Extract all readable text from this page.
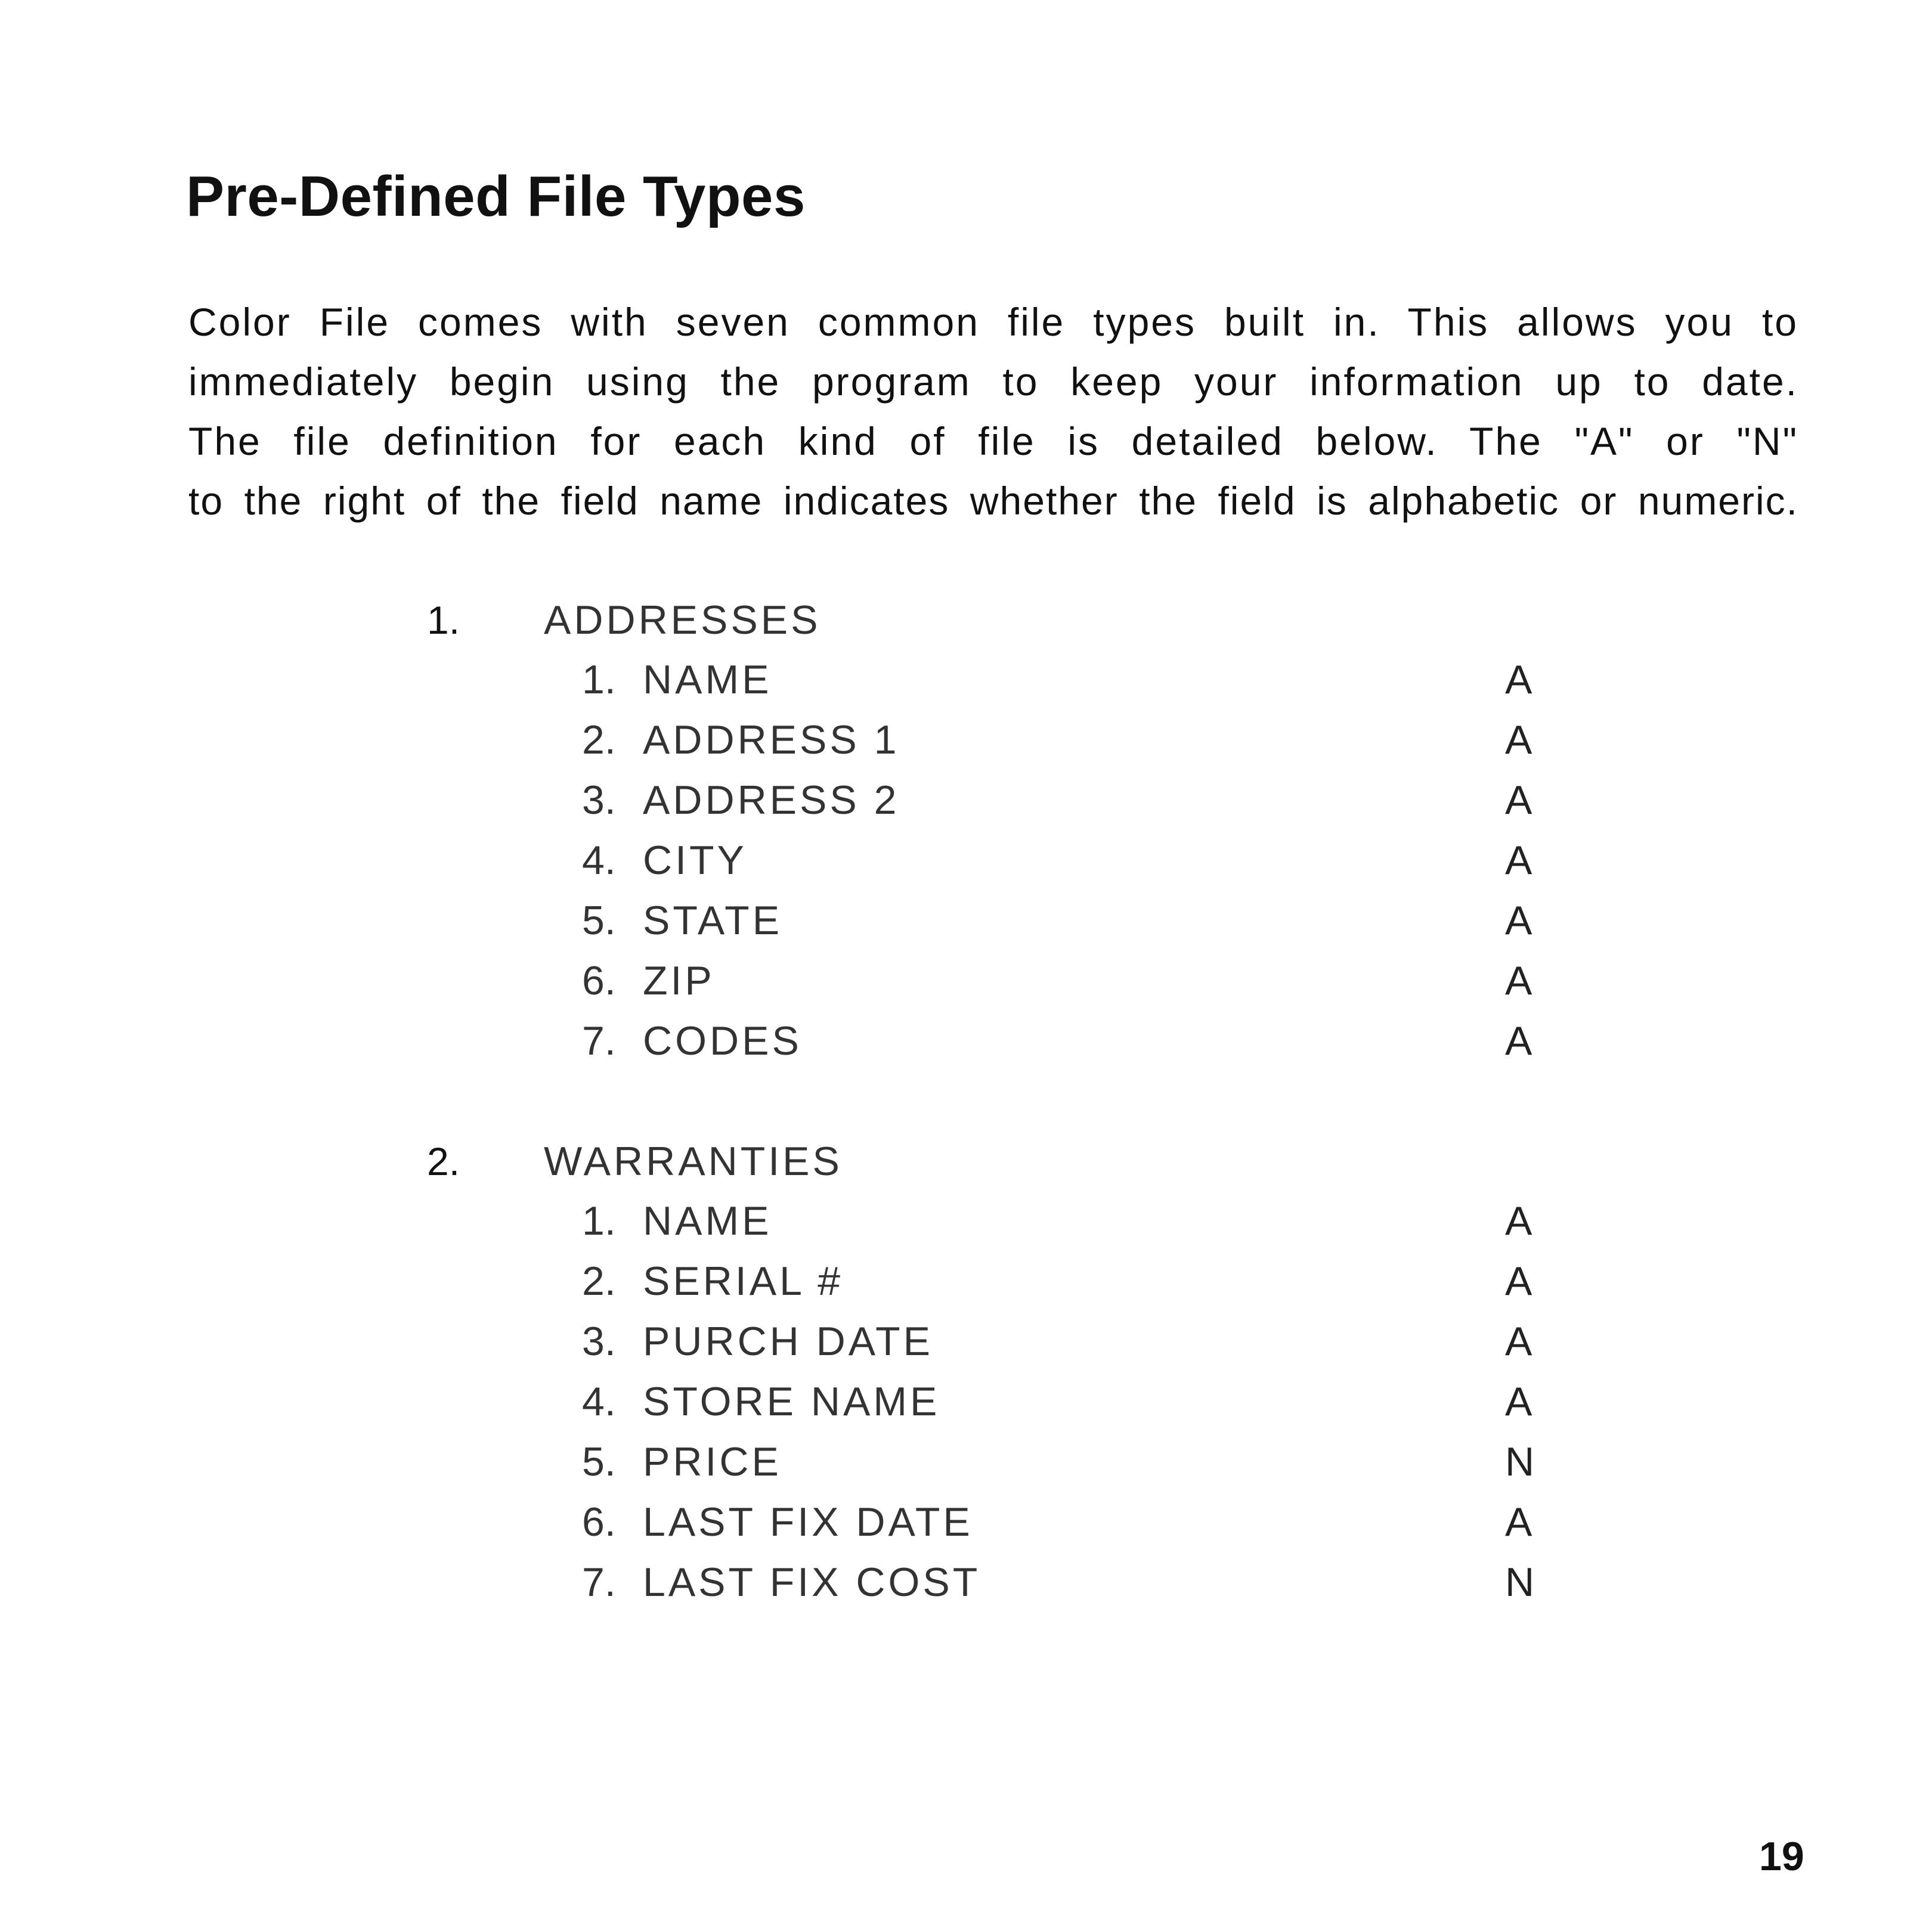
Pre-Defined File Types
Color File comes with seven common file types built in. This allows you to
immediately begin using the program to keep your information up to date.
The file definition for each kind of file is detailed below. The "A" or "N"
to the right of the field name indicates whether the field is alphabetic or numeric.
1. ADDRESSES
1. NAME	A
2. ADDRESS 1	A
3. ADDRESS 2	A
4. CITY	A
5. STATE	A
6. ZIP	A
7. CODES	A
2. WARRANTIES
1. NAME	A
2. SERIAL #	A
3. PURCH DATE	A
4. STORE NAME	A
5. PRICE	N
6. LAST FIX DATE	A
7. LAST FIX COST	N
19
